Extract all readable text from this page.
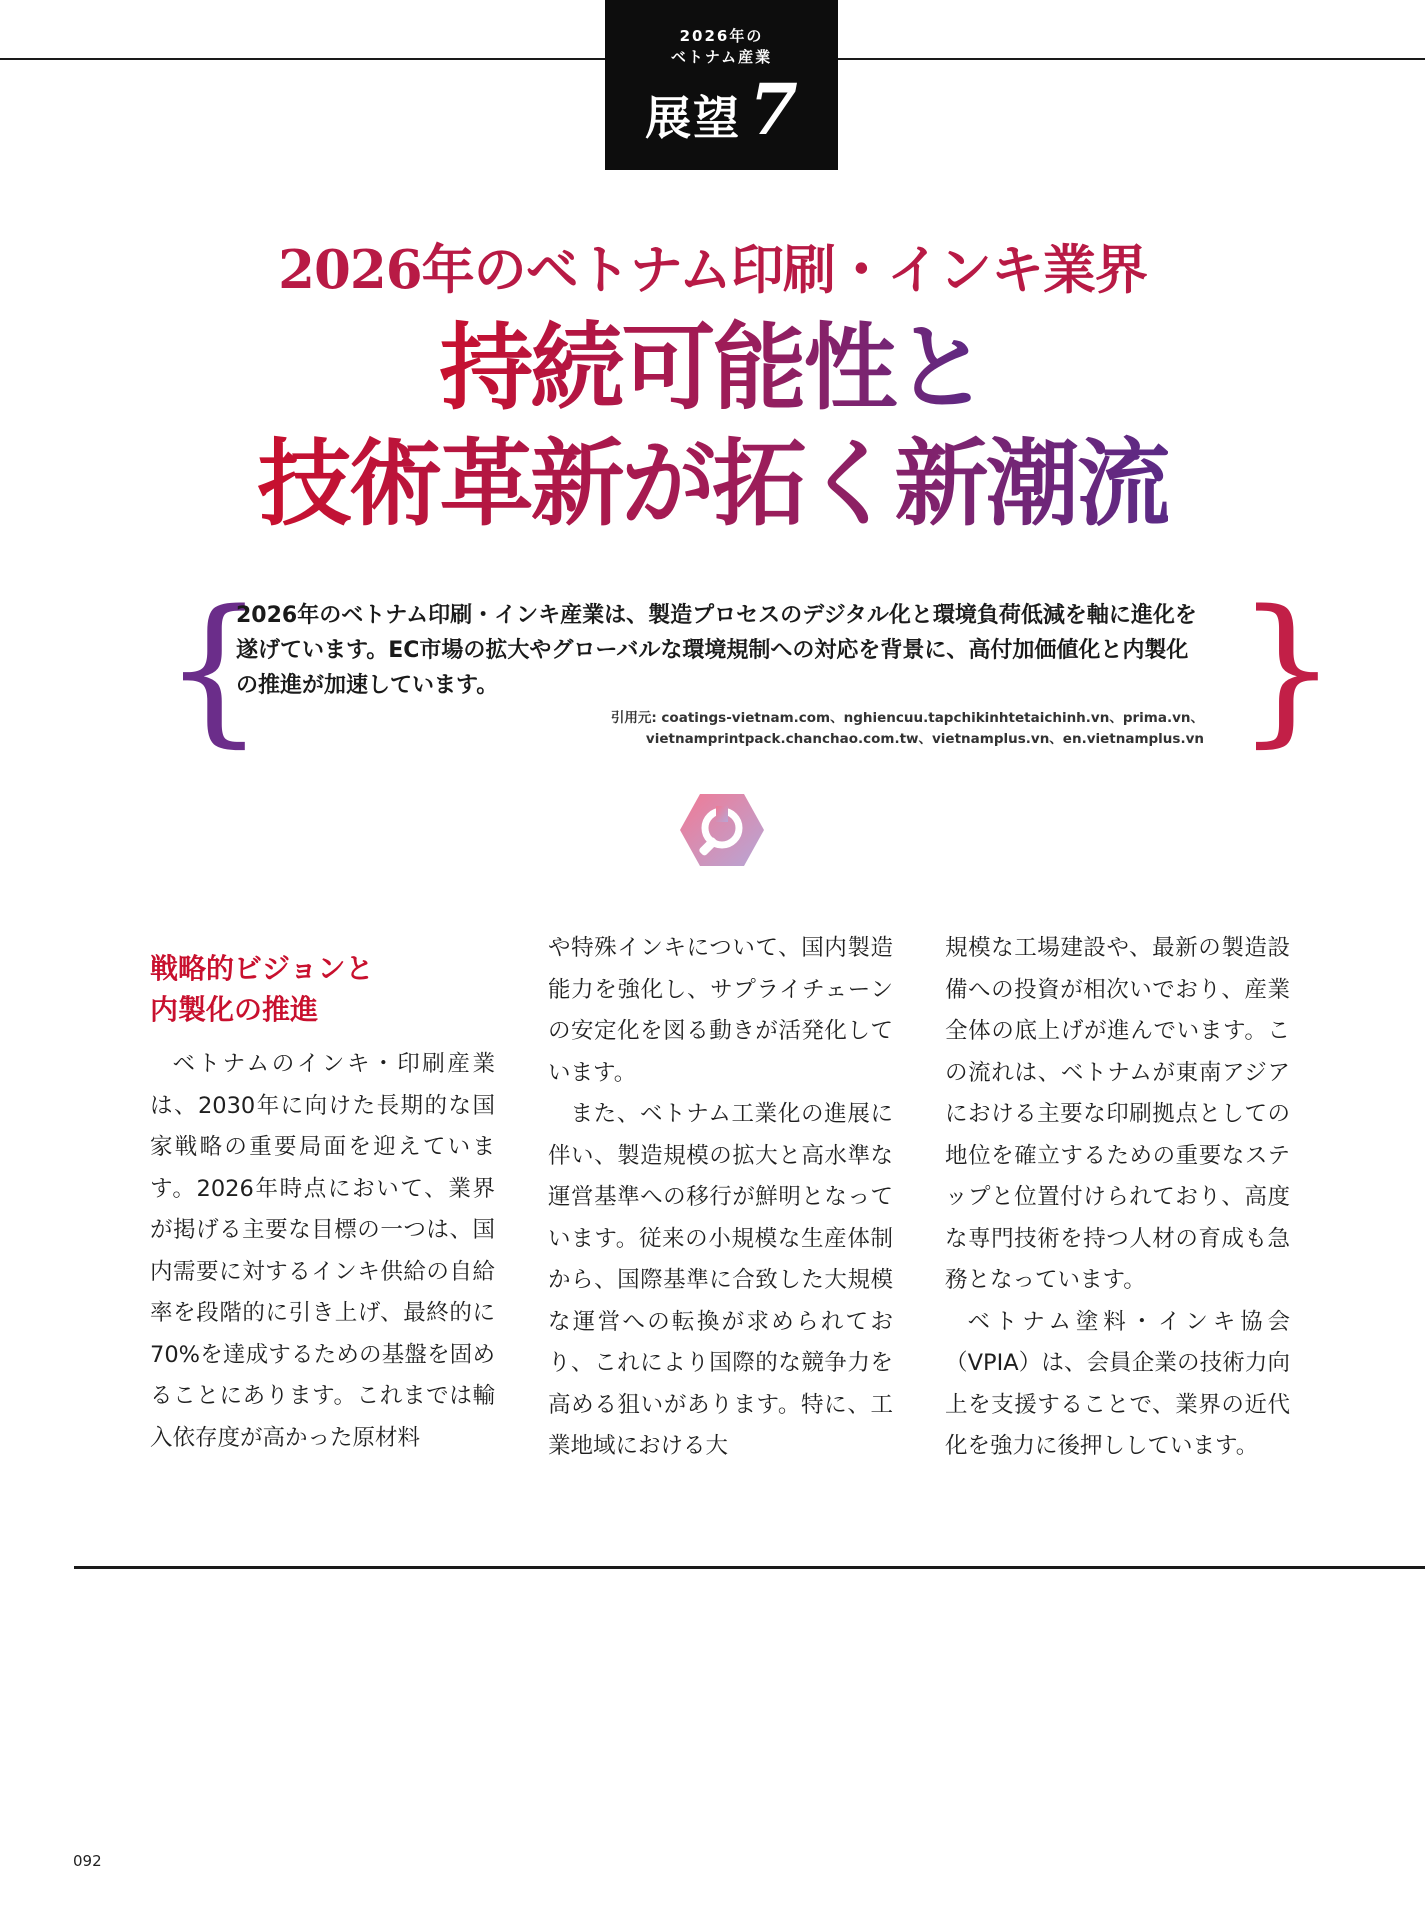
2026年の
ベトナム産業
展望 7
2026年のベトナム印刷・インキ業界
持続可能性と
技術革新が拓く新潮流
{	}
2026年のベトナム印刷・インキ産業は、製造プロセスのデジタル化と環境負荷低減を軸に進化を遂げています。EC市場の拡大やグローバルな環境規制への対応を背景に、高付加価値化と内製化の推進が加速しています。
引用元: coatings-vietnam.com、nghiencuu.tapchikinhtetaichinh.vn、prima.vn、
vietnamprintpack.chanchao.com.tw、vietnamplus.vn、en.vietnamplus.vn
戦略的ビジョンと
内製化の推進

ベトナムのインキ・印刷産業は、2030年に向けた長期的な国家戦略の重要局面を迎えています。2026年時点において、業界が掲げる主要な目標の一つは、国内需要に対するインキ供給の自給率を段階的に引き上げ、最終的に70%を達成するための基盤を固めることにあります。これまでは輸入依存度が高かった原材料

や特殊インキについて、国内製造能力を強化し、サプライチェーンの安定化を図る動きが活発化しています。

また、ベトナム工業化の進展に伴い、製造規模の拡大と高水準な運営基準への移行が鮮明となっています。従来の小規模な生産体制から、国際基準に合致した大規模な運営への転換が求められており、これにより国際的な競争力を高める狙いがあります。特に、工業地域における大

規模な工場建設や、最新の製造設備への投資が相次いでおり、産業全体の底上げが進んでいます。この流れは、ベトナムが東南アジアにおける主要な印刷拠点としての地位を確立するための重要なステップと位置付けられており、高度な専門技術を持つ人材の育成も急務となっています。

ベトナム塗料・インキ協会（VPIA）は、会員企業の技術力向上を支援することで、業界の近代化を強力に後押ししています。

092
